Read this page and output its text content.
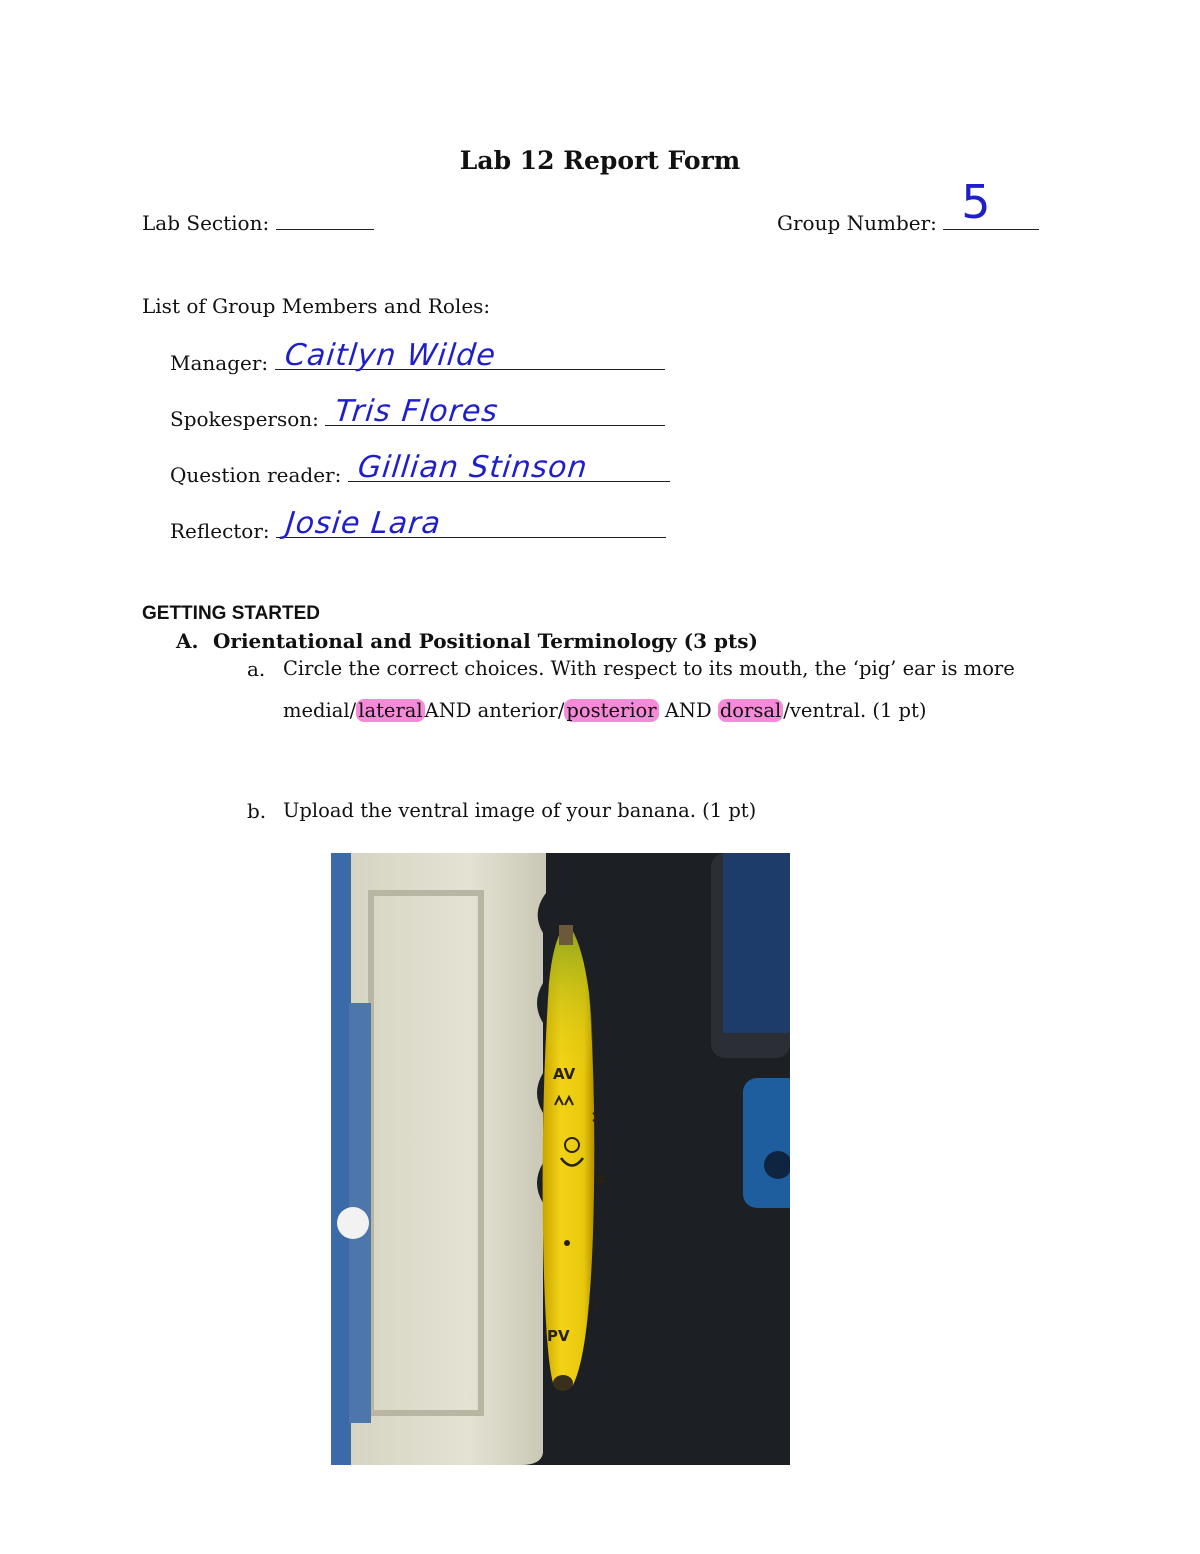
Lab 12 Report Form
Lab Section:	Group Number: 5
List of Group Members and Roles:
Manager: Caitlyn Wilde
Spokesperson: Tris Flores
Question reader: Gillian Stinson
Reflector: Josie Lara
GETTING STARTED
A. Orientational and Positional Terminology (3 pts)
a. Circle the correct choices. With respect to its mouth, the ‘pig’ ear is more
medial/ lateral AND anterior/ posterior AND dorsal /ventral. (1 pt)
b. Upload the ventral image of your banana. (1 pt)
AV
PV
